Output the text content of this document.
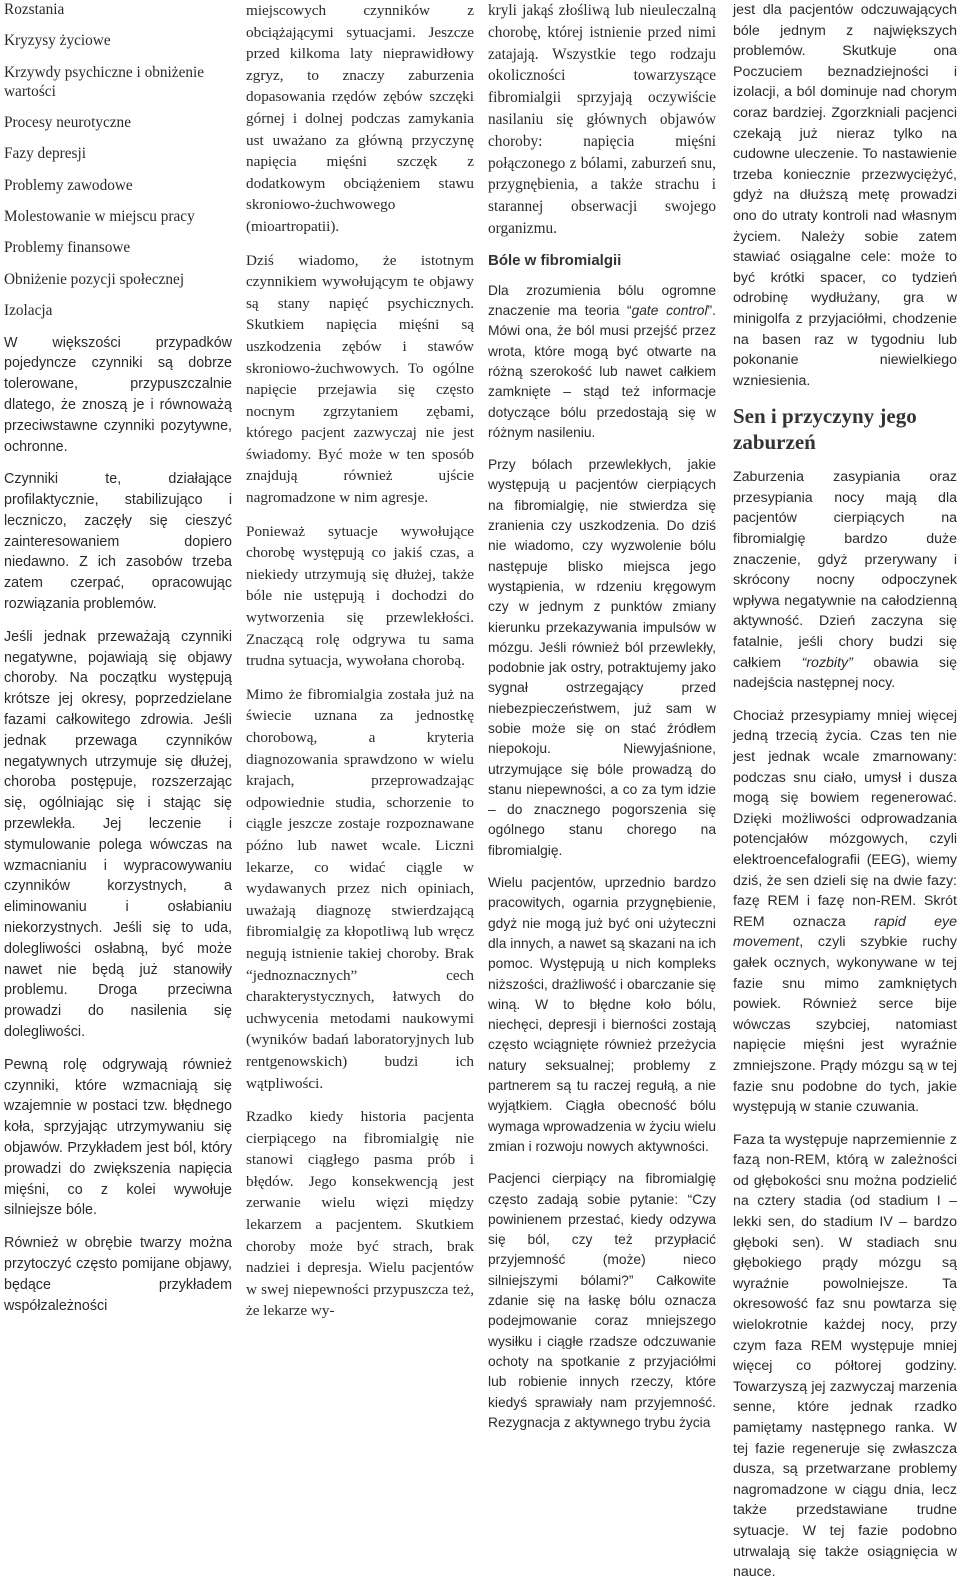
Rozstania
Kryzysy życiowe
Krzywdy psychiczne i obniżenie wartości
Procesy neurotyczne
Fazy depresji
Problemy zawodowe
Molestowanie w miejscu pracy
Problemy finansowe
Obniżenie pozycji społecznej
Izolacja

W większości przypadków pojedyncze czynniki są dobrze tolerowane, przypuszczalnie dlatego, że znoszą je i równoważą przeciwstawne czynniki pozytywne, ochronne.

Czynniki te, działające profilaktycznie, stabilizująco i leczniczo, zaczęły się cieszyć zainteresowaniem dopiero niedawno. Z ich zasobów trzeba zatem czerpać, opracowując rozwiązania problemów.

Jeśli jednak przeważają czynniki negatywne, pojawiają się objawy choroby. Na początku występują krótsze jej okresy, poprzedzielane fazami całkowitego zdrowia. Jeśli jednak przewaga czynników negatywnych utrzymuje się dłużej, choroba postępuje, rozszerzając się, ogólniając się i stając się przewlekła. Jej leczenie i stymulowanie polega wówczas na wzmacnianiu i wypracowywaniu czynników korzystnych, a eliminowaniu i osłabianiu niekorzystnych. Jeśli się to uda, dolegliwości osłabną, być może nawet nie będą już stanowiły problemu. Droga przeciwna prowadzi do nasilenia się dolegliwości.

Pewną rolę odgrywają również czynniki, które wzmacniają się wzajemnie w postaci tzw. błędnego koła, sprzyjając utrzymywaniu się objawów. Przykładem jest ból, który prowadzi do zwiększenia napięcia mięśni, co z kolei wywołuje silniejsze bóle.

Również w obrębie twarzy można przytoczyć często pomijane objawy, będące przykładem współzależności

miejscowych czynników z obciążającymi sytuacjami. Jeszcze przed kilkoma laty nieprawidłowy zgryz, to znaczy zaburzenia dopasowania rzędów zębów szczęki górnej i dolnej podczas zamykania ust uważano za główną przyczynę napięcia mięśni szczęk z dodatkowym obciążeniem stawu skroniowo-żuchwowego (mioartropatii).

Dziś wiadomo, że istotnym czynnikiem wywołującym te objawy są stany napięć psychicznych. Skutkiem napięcia mięśni są uszkodzenia zębów i stawów skroniowo-żuchwowych. To ogólne napięcie przejawia się często nocnym zgrzytaniem zębami, którego pacjent zazwyczaj nie jest świadomy. Być może w ten sposób znajdują również ujście nagromadzone w nim agresje.

Ponieważ sytuacje wywołujące chorobę występują co jakiś czas, a niekiedy utrzymują się dłużej, także bóle nie ustępują i dochodzi do wytworzenia się przewlekłości. Znaczącą rolę odgrywa tu sama trudna sytuacja, wywołana chorobą.

Mimo że fibromialgia została już na świecie uznana za jednostkę chorobową, a kryteria diagnozowania sprawdzono w wielu krajach, przeprowadzając odpowiednie studia, schorzenie to ciągle jeszcze zostaje rozpoznawane późno lub nawet wcale. Liczni lekarze, co widać ciągle w wydawanych przez nich opiniach, uważają diagnozę stwierdzającą fibromialgię za kłopotliwą lub wręcz negują istnienie takiej choroby. Brak “jednoznacznych” cech charakterystycznych, łatwych do uchwycenia metodami naukowymi (wyników badań laboratoryjnych lub rentgenowskich) budzi ich wątpliwości.

Rzadko kiedy historia pacjenta cierpiącego na fibromialgię nie stanowi ciągłego pasma prób i błędów. Jego konsekwencją jest zerwanie wielu więzi między lekarzem a pacjentem. Skutkiem choroby może być strach, brak nadziei i depresja. Wielu pacjentów w swej niepewności przypuszcza też, że lekarze wy-

kryli jakąś złośliwą lub nieuleczalną chorobę, której istnienie przed nimi zatajają. Wszystkie tego rodzaju okoliczności towarzyszące fibromialgii sprzyjają oczywiście nasilaniu się głównych objawów choroby: napięcia mięśni połączonego z bólami, zaburzeń snu, przygnębienia, a także strachu i starannej obserwacji swojego organizmu.

Bóle w fibromialgii

Dla zrozumienia bólu ogromne znaczenie ma teoria “gate control”. Mówi ona, że ból musi przejść przez wrota, które mogą być otwarte na różną szerokość lub nawet całkiem zamknięte – stąd też informacje dotyczące bólu przedostają się w różnym nasileniu.

Przy bólach przewlekłych, jakie występują u pacjentów cierpiących na fibromialgię, nie stwierdza się zranienia czy uszkodzenia. Do dziś nie wiadomo, czy wyzwolenie bólu następuje blisko miejsca jego wystąpienia, w rdzeniu kręgowym czy w jednym z punktów zmiany kierunku przekazywania impulsów w mózgu. Jeśli również ból przewlekły, podobnie jak ostry, potraktujemy jako sygnał ostrzegający przed niebezpieczeństwem, już sam w sobie może się on stać źródłem niepokoju. Niewyjaśnione, utrzymujące się bóle prowadzą do stanu niepewności, a co za tym idzie – do znacznego pogorszenia się ogólnego stanu chorego na fibromialgię.

Wielu pacjentów, uprzednio bardzo pracowitych, ogarnia przygnębienie, gdyż nie mogą już być oni użyteczni dla innych, a nawet są skazani na ich pomoc. Występują u nich kompleks niższości, drażliwość i obarczanie się winą. W to błędne koło bólu, niechęci, depresji i bierności zostają często wciągnięte również przeżycia natury seksualnej; problemy z partnerem są tu raczej regułą, a nie wyjątkiem. Ciągła obecność bólu wymaga wprowadzenia w życiu wielu zmian i rozwoju nowych aktywności.

Pacjenci cierpiący na fibromialgię często zadają sobie pytanie: “Czy powinienem przestać, kiedy odzywa się ból, czy też przypłacić przyjemność (może) nieco silniejszymi bólami?” Całkowite zdanie się na łaskę bólu oznacza podejmowanie coraz mniejszego wysiłku i ciągłe rzadsze odczuwanie ochoty na spotkanie z przyjaciółmi lub robienie innych rzeczy, które kiedyś sprawiały nam przyjemność. Rezygnacja z aktywnego trybu życia

jest dla pacjentów odczuwających bóle jednym z największych problemów. Skutkuje ona Poczuciem beznadziejności i izolacji, a ból dominuje nad chorym coraz bardziej. Zgorzkniali pacjenci czekają już nieraz tylko na cudowne uleczenie. To nastawienie trzeba koniecznie przezwyciężyć, gdyż na dłuższą metę prowadzi ono do utraty kontroli nad własnym życiem. Należy sobie zatem stawiać osiągalne cele: może to być krótki spacer, co tydzień odrobinę wydłużany, gra w minigolfa z przyjaciółmi, chodzenie na basen raz w tygodniu lub pokonanie niewielkiego wzniesienia.

Sen i przyczyny jego zaburzeń

Zaburzenia zasypiania oraz przesypiania nocy mają dla pacjentów cierpiących na fibromialgię bardzo duże znaczenie, gdyż przerywany i skrócony nocny odpoczynek wpływa negatywnie na całodzienną aktywność. Dzień zaczyna się fatalnie, jeśli chory budzi się całkiem “rozbity” obawia się nadejścia następnej nocy.

Chociaż przesypiamy mniej więcej jedną trzecią życia. Czas ten nie jest jednak wcale zmarnowany: podczas snu ciało, umysł i dusza mogą się bowiem regenerować. Dzięki możliwości odprowadzania potencjałów mózgowych, czyli elektroencefalografii (EEG), wiemy dziś, że sen dzieli się na dwie fazy: fazę REM i fazę non-REM. Skrót REM oznacza rapid eye movement, czyli szybkie ruchy gałek ocznych, wykonywane w tej fazie snu mimo zamkniętych powiek. Również serce bije wówczas szybciej, natomiast napięcie mięśni jest wyraźnie zmniejszone. Prądy mózgu są w tej fazie snu podobne do tych, jakie występują w stanie czuwania.

Faza ta występuje naprzemiennie z fazą non-REM, którą w zależności od głębokości snu można podzielić na cztery stadia (od stadium I – lekki sen, do stadium IV – bardzo głęboki sen). W stadiach snu głębokiego prądy mózgu są wyraźnie powolniejsze. Ta okresowość faz snu powtarza się wielokrotnie każdej nocy, przy czym faza REM występuje mniej więcej co półtorej godziny. Towarzyszą jej zazwyczaj marzenia senne, które jednak rzadko pamiętamy następnego ranka. W tej fazie regeneruje się zwłaszcza dusza, są przetwarzane problemy nagromadzone w ciągu dnia, lecz także przedstawiane trudne sytuacje. W tej fazie podobno utrwalają się także osiągnięcia w nauce.
